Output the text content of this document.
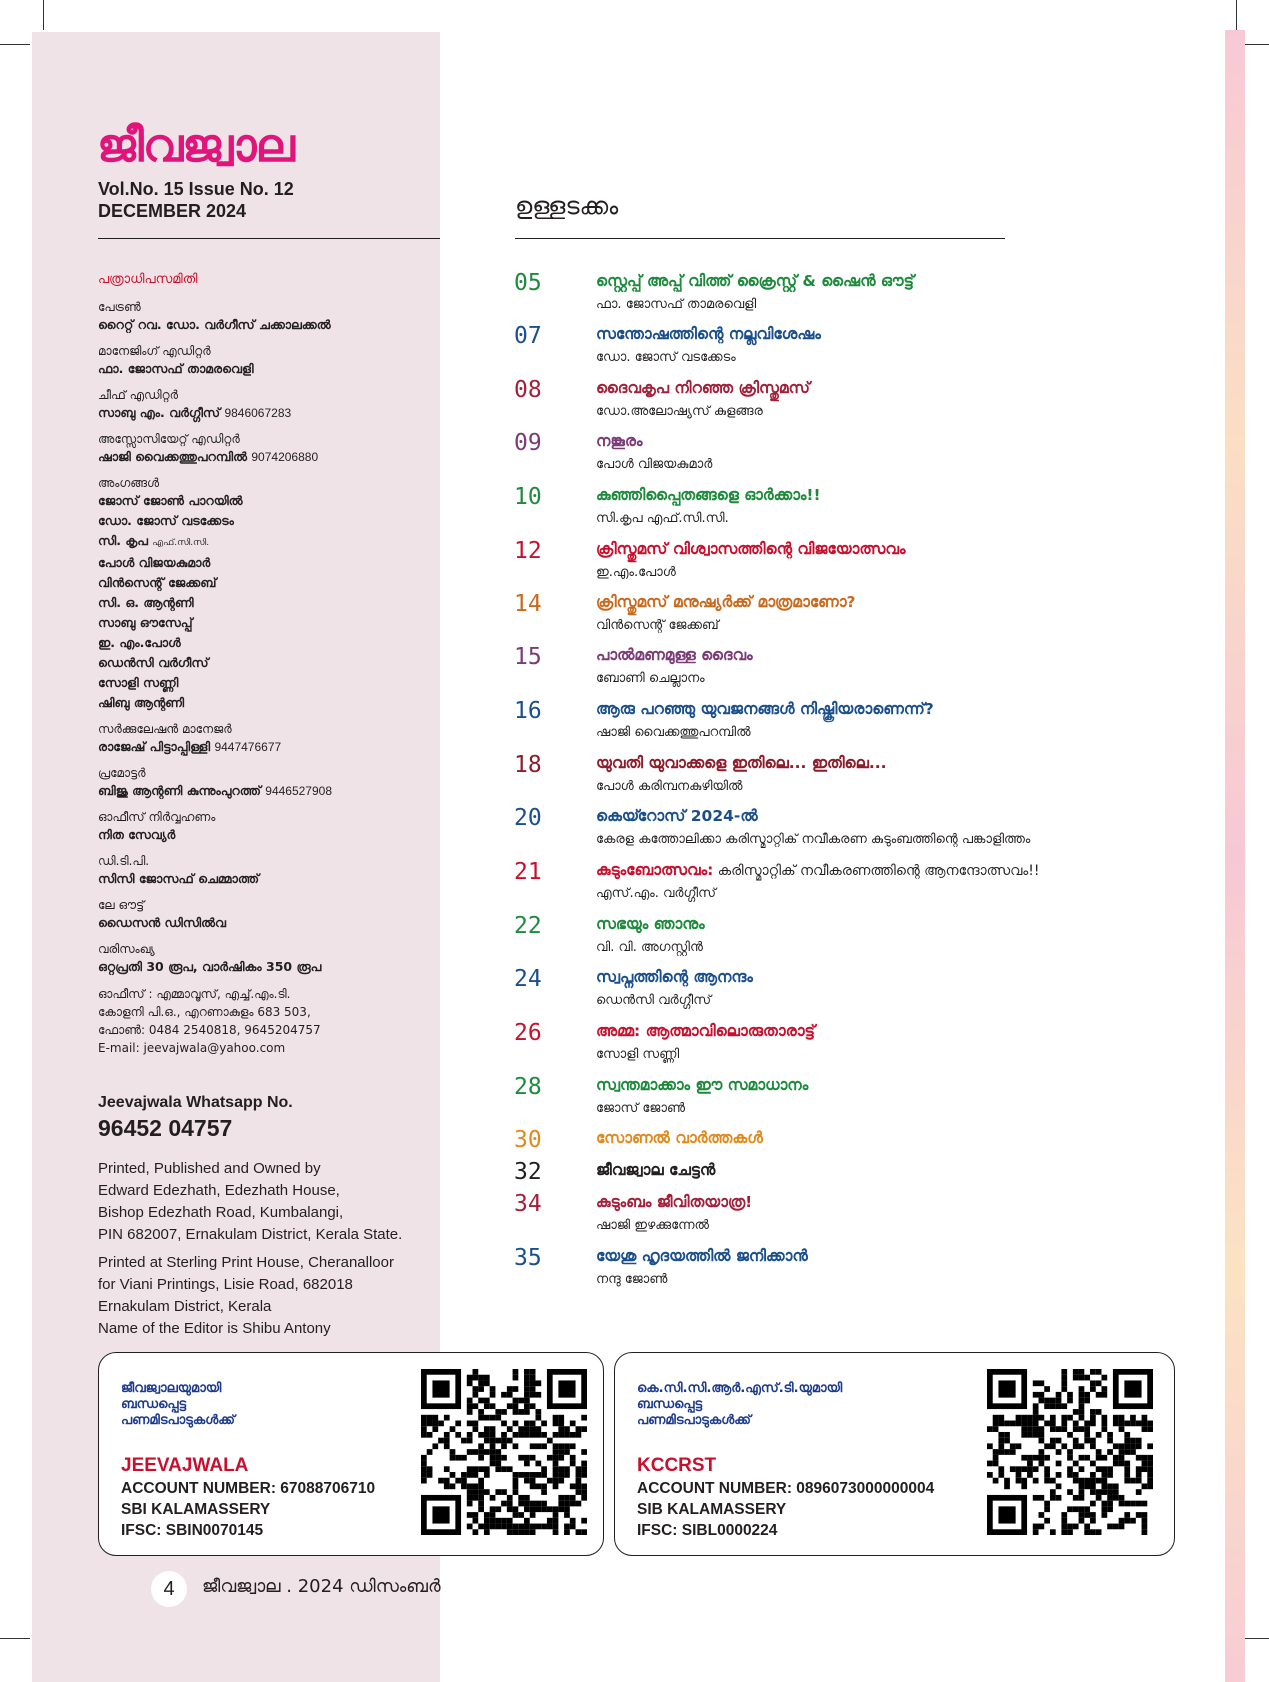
ജീവജ്വാല
Vol.No. 15 Issue No. 12
DECEMBER 2024
പത്രാധിപസമിതി
പേട്രൺ
റൈറ്റ് റവ. ഡോ. വർഗീസ് ചക്കാലക്കൽ
മാനേജിംഗ് എഡിറ്റർ
ഫാ. ജോസഫ് താമരവെളി
ചീഫ് എഡിറ്റർ
സാബു എം. വർഗ്ഗീസ് 9846067283
അസ്സോസിയേറ്റ് എഡിറ്റർ
ഷാജി വൈക്കത്തുപറമ്പിൽ 9074206880
അംഗങ്ങൾ
ജോസ് ജോൺ പാറയിൽ
ഡോ. ജോസ് വടക്കേടം
സി. കൃപ എഫ്.സി.സി.
പോൾ വിജയകുമാർ
വിൻസെന്റ് ജേക്കബ്
സി. ഒ. ആന്റണി
സാബു ഔസേപ്പ്
ഇ. എം.പോൾ
ഡെൻസി വർഗീസ്
സോളി സണ്ണി
ഷിബു ആന്റണി
സർക്കുലേഷൻ മാനേജർ
രാജേഷ് പിട്ടാപ്പിള്ളി 9447476677
പ്രമോട്ടർ
ബിജു ആന്റണി കുന്നുംപുറത്ത് 9446527908
ഓഫീസ് നിർവ്വഹണം
നിത സേവ്യർ
ഡി.ടി.പി.
സിസി ജോസഫ് ചെമ്മാത്ത്
ലേ ഔട്ട്
ഡൈസൻ ഡിസിൽവ
വരിസംഖ്യ
ഒറ്റപ്രതി 30 രൂപ, വാർഷികം 350 രൂപ
ഓഫീസ് : എമ്മാവൂസ്, എച്ച്.എം.ടി.
കോളനി പി.ഒ., എറണാകുളം 683 503,
ഫോൺ: 0484 2540818, 9645204757
E-mail: jeevajwala@yahoo.com
Jeevajwala Whatsapp No.
96452 04757
Printed, Published and Owned by
Edward Edezhath, Edezhath House,
Bishop Edezhath Road, Kumbalangi,
PIN 682007, Ernakulam District, Kerala State.
Printed at Sterling Print House, Cheranalloor
for Viani Printings, Lisie Road, 682018
Ernakulam District, Kerala
Name of the Editor is Shibu Antony
ഉള്ളടക്കം
05	സ്റ്റെപ്പ് അപ്പ് വിത്ത് ക്രൈസ്റ്റ് & ഷൈൻ ഔട്ട്
ഫാ. ജോസഫ് താമരവെളി
07	സന്തോഷത്തിന്റെ നല്ലവിശേഷം
ഡോ. ജോസ് വടക്കേടം
08	ദൈവകൃപ നിറഞ്ഞ ക്രിസ്തുമസ്
ഡോ.അലോഷ്യസ് കുളങ്ങര
09	നങ്കൂരം
പോൾ വിജയകുമാർ
10	കുഞ്ഞിപ്പൈതങ്ങളെ ഓർക്കാം!!
സി.കൃപ എഫ്.സി.സി.
12	ക്രിസ്തുമസ് വിശ്വാസത്തിന്റെ വിജയോത്സവം
ഇ.എം.പോൾ
14	ക്രിസ്തുമസ് മനുഷ്യർക്ക് മാത്രമാണോ?
വിൻസെന്റ് ജേക്കബ്
15	പാൽമണമുള്ള ദൈവം
ബോണി ചെല്ലാനം
16	ആരു പറഞ്ഞു യുവജനങ്ങൾ നിഷ്ക്രിയരാണെന്ന്?
ഷാജി വൈക്കത്തുപറമ്പിൽ
18	യുവതി യുവാക്കളെ ഇതിലെ... ഇതിലെ...
പോൾ കരിമ്പനകുഴിയിൽ
20	കെയ്റോസ് 2024-ൽ
കേരള കത്തോലിക്കാ കരിസ്മാറ്റിക് നവീകരണ കുടുംബത്തിന്റെ പങ്കാളിത്തം
21	കുടുംബോത്സവം: കരിസ്മാറ്റിക് നവീകരണത്തിന്റെ ആനന്ദോത്സവം!!
എസ്.എം. വർഗ്ഗീസ്
22	സഭയും ഞാനും
വി. വി. അഗസ്റ്റിൻ
24	സ്വപ്നത്തിന്റെ ആനന്ദം
ഡെൻസി വർഗ്ഗീസ്
26	അമ്മ: ആത്മാവിലൊരുതാരാട്ട്
സോളി സണ്ണി
28	സ്വന്തമാക്കാം ഈ സമാധാനം
ജോസ് ജോൺ
30	സോണൽ വാർത്തകൾ
32	ജീവജ്വാല ചേട്ടൻ
34	കുടുംബം ജീവിതയാത്ര!
ഷാജി ഇഴക്കുന്നേൽ
35	യേശു ഹൃദയത്തിൽ ജനിക്കാൻ
നന്ദു ജോൺ
ജീവജ്വാലയുമായി
ബന്ധപ്പെട്ട
പണമിടപാടുകൾക്ക്
JEEVAJWALA
ACCOUNT NUMBER: 67088706710
SBI KALAMASSERY
IFSC: SBIN0070145
കെ.സി.സി.ആർ.എസ്.ടി.യുമായി
ബന്ധപ്പെട്ട
പണമിടപാടുകൾക്ക്
KCCRST
ACCOUNT NUMBER: 0896073000000004
SIB KALAMASSERY
IFSC: SIBL0000224
4	ജീവജ്വാല . 2024 ഡിസംബർ
